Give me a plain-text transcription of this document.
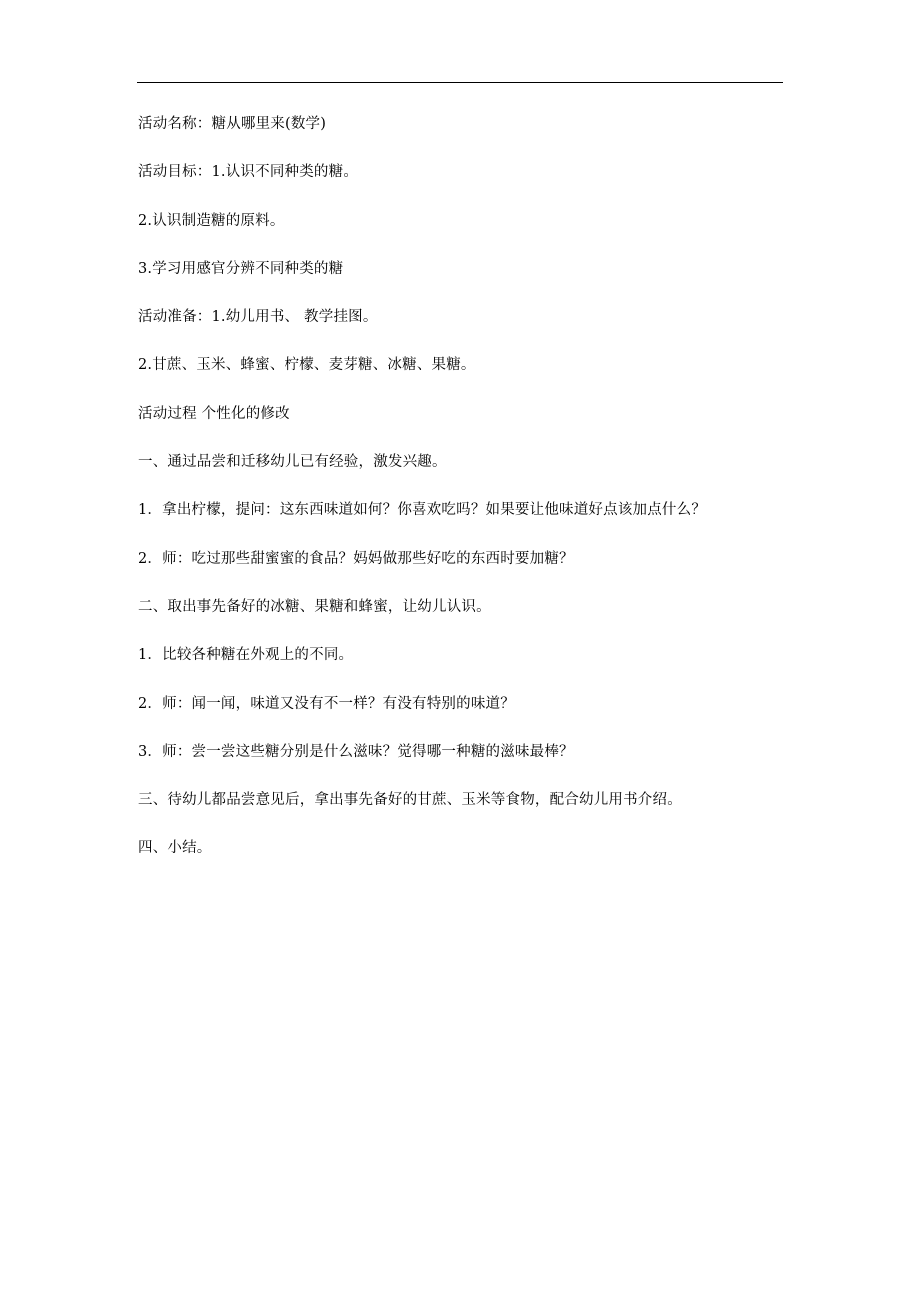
活动名称：糖从哪里来(数学)
活动目标：1.认识不同种类的糖。
2.认识制造糖的原料。
3.学习用感官分辨不同种类的糖
活动准备：1.幼儿用书、 教学挂图。
2.甘蔗、玉米、蜂蜜、柠檬、麦芽糖、冰糖、果糖。
活动过程 个性化的修改
一、通过品尝和迁移幼儿已有经验，激发兴趣。
1．拿出柠檬，提问：这东西味道如何？你喜欢吃吗？如果要让他味道好点该加点什么？
2．师：吃过那些甜蜜蜜的食品？妈妈做那些好吃的东西时要加糖？
二、取出事先备好的冰糖、果糖和蜂蜜，让幼儿认识。
1．比较各种糖在外观上的不同。
2．师：闻一闻，味道又没有不一样？有没有特别的味道？
3．师：尝一尝这些糖分别是什么滋味？觉得哪一种糖的滋味最棒？
三、待幼儿都品尝意见后，拿出事先备好的甘蔗、玉米等食物，配合幼儿用书介绍。
四、小结。
